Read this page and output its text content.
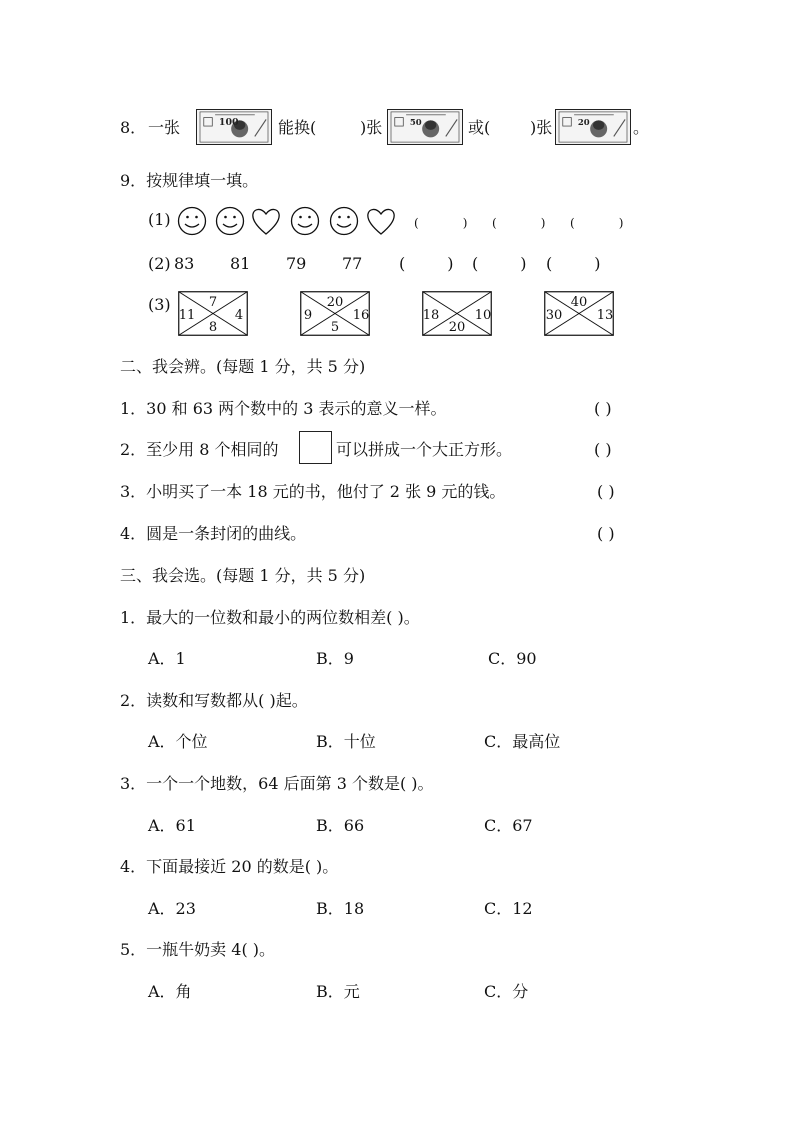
8． 一张	100 能换(	)张	50	或( )张	20	。
9．按规律填一填。
(1)	(	) (	) (	)
(2) 83 81 79 77 (	) (	) (	)
(3)	7
11	4
8
20
9	16
5
18	10
20
40
30	13
二、我会辨。(每题 1 分，共 5 分)
1．30 和 63 两个数中的 3 表示的意义一样。	( )
2．至少用 8 个相同的	可以拼成一个大正方形。	( )
3．小明买了一本 18 元的书，他付了 2 张 9 元的钱。	( )
4．圆是一条封闭的曲线。	( )
三、我会选。(每题 1 分，共 5 分)
1．最大的一位数和最小的两位数相差( )。
A．1	B．9	C．90
2．读数和写数都从( )起。
A．个位	B．十位	C．最高位
3．一个一个地数，64 后面第 3 个数是( )。
A．61	B．66	C．67
4．下面最接近 20 的数是( )。
A．23	B．18	C．12
5．一瓶牛奶卖 4( )。
A．角	B．元	C．分
